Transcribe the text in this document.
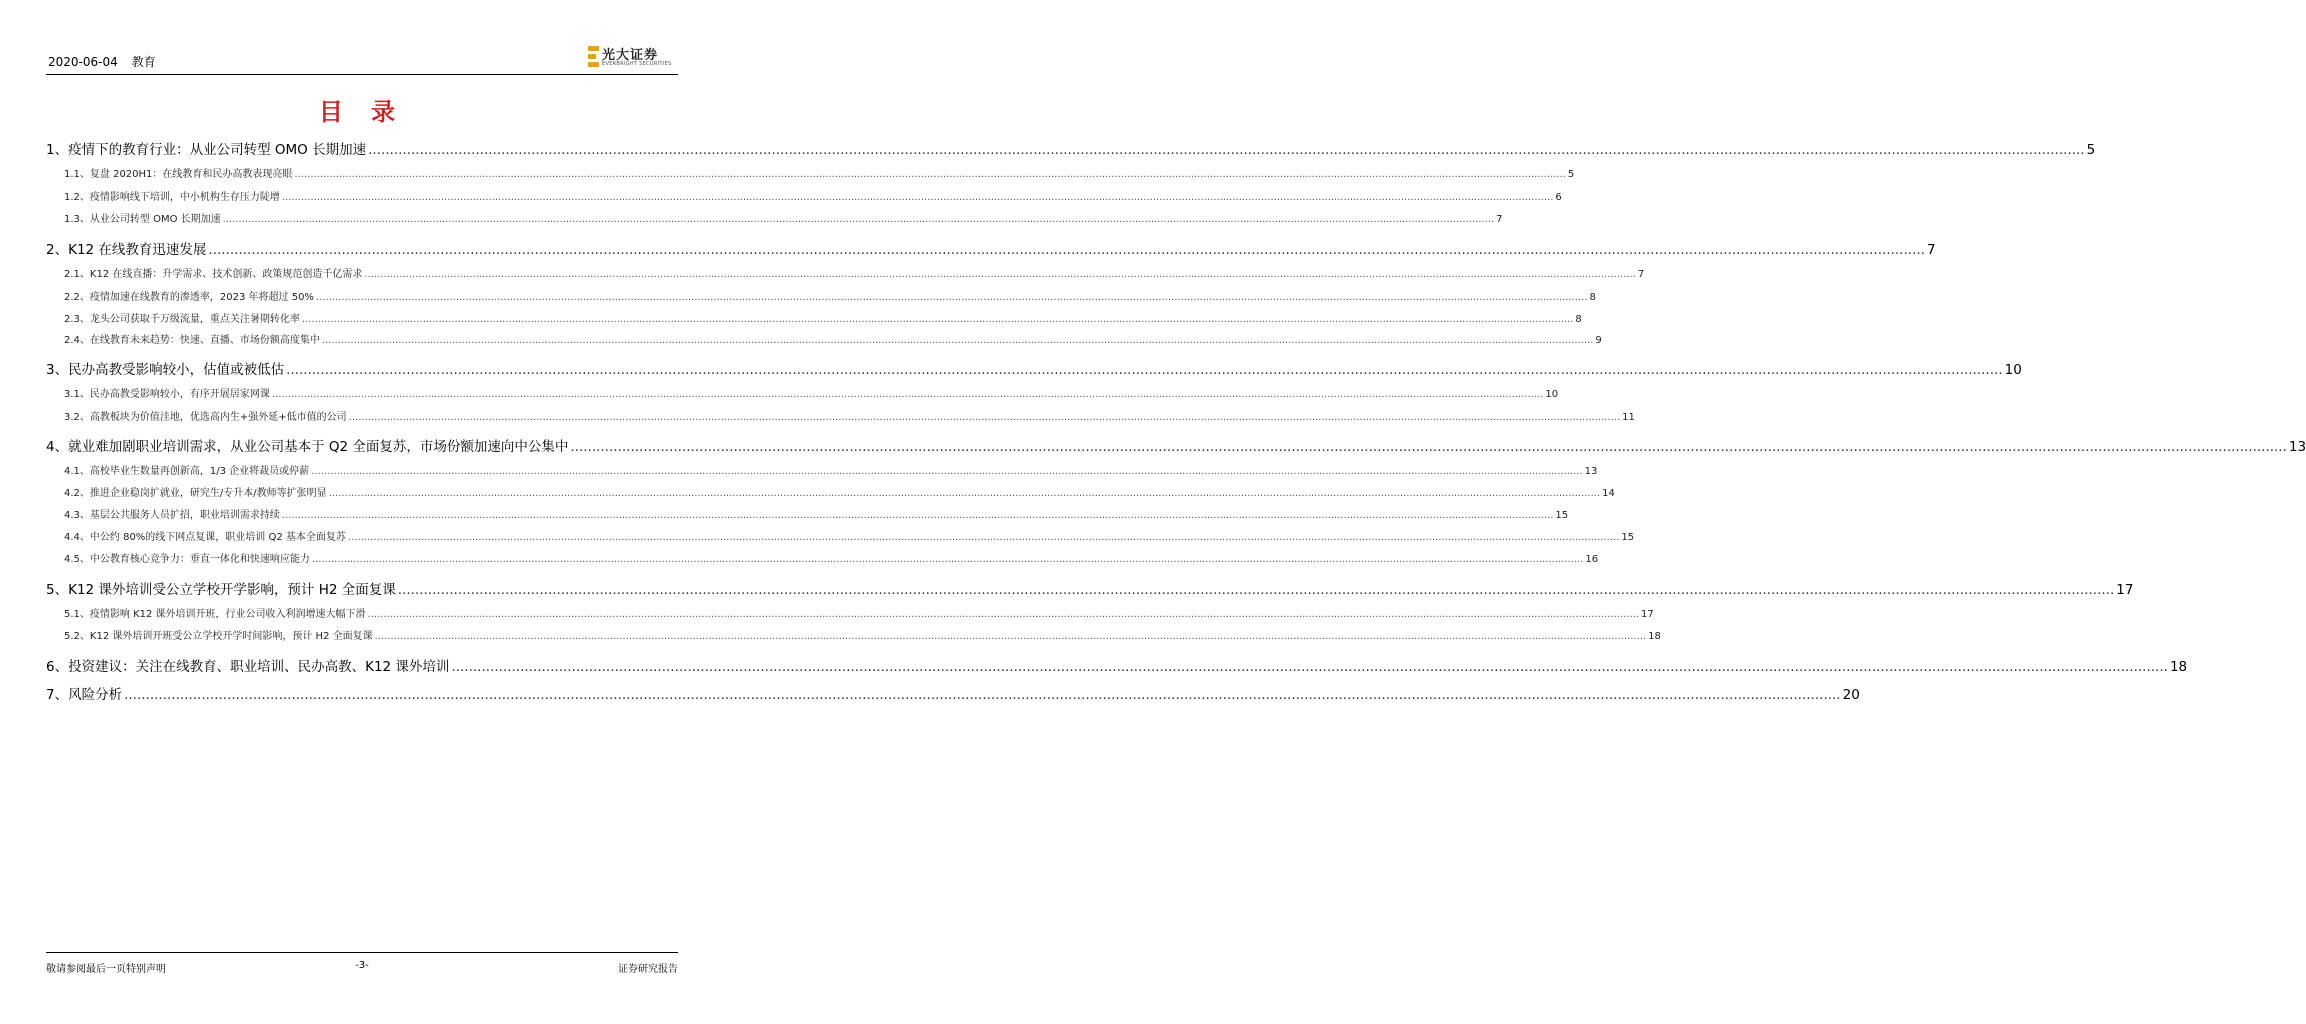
2020-06-04 教育	光大证券
EVERBRIGHT SECURITIES
目 录
1、 疫情下的教育行业：从业公司转型 OMO 长期加速 ................................................................................................................................................................................................................................................................................................................................................................................................................ 5
1.1、 复盘 2020H1：在线教育和民办高教表现亮眼 ................................................................................................................................................................................................................................................................................................................................................................................................................ 5
1.2、 疫情影响线下培训，中小机构生存压力陡增 ................................................................................................................................................................................................................................................................................................................................................................................................................ 6
1.3、 从业公司转型 OMO 长期加速 ................................................................................................................................................................................................................................................................................................................................................................................................................ 7
2、 K12 在线教育迅速发展 ................................................................................................................................................................................................................................................................................................................................................................................................................ 7
2.1、 K12 在线直播：升学需求、技术创新、政策规范创造千亿需求 ................................................................................................................................................................................................................................................................................................................................................................................................................ 7
2.2、 疫情加速在线教育的渗透率，2023 年将超过 50% ................................................................................................................................................................................................................................................................................................................................................................................................................ 8
2.3、 龙头公司获取千万级流量，重点关注暑期转化率 ................................................................................................................................................................................................................................................................................................................................................................................................................ 8
2.4、 在线教育未来趋势：快速、直播、市场份额高度集中 ................................................................................................................................................................................................................................................................................................................................................................................................................ 9
3、 民办高教受影响较小，估值或被低估 ................................................................................................................................................................................................................................................................................................................................................................................................................ 10
3.1、 民办高教受影响较小，有序开展居家网课 ................................................................................................................................................................................................................................................................................................................................................................................................................ 10
3.2、 高教板块为价值洼地，优选高内生+强外延+低市值的公司 ................................................................................................................................................................................................................................................................................................................................................................................................................ 11
4、 就业难加剧职业培训需求，从业公司基本于 Q2 全面复苏，市场份额加速向中公集中 ................................................................................................................................................................................................................................................................................................................................................................................................................ 13
4.1、 高校毕业生数量再创新高，1/3 企业将裁员或停薪 ................................................................................................................................................................................................................................................................................................................................................................................................................ 13
4.2、 推进企业稳岗扩就业，研究生/专升本/教师等扩张明显 ................................................................................................................................................................................................................................................................................................................................................................................................................ 14
4.3、 基层公共服务人员扩招，职业培训需求持续 ................................................................................................................................................................................................................................................................................................................................................................................................................ 15
4.4、 中公约 80%的线下网点复课，职业培训 Q2 基本全面复苏 ................................................................................................................................................................................................................................................................................................................................................................................................................ 15
4.5、 中公教育核心竞争力：垂直一体化和快速响应能力 ................................................................................................................................................................................................................................................................................................................................................................................................................ 16
5、 K12 课外培训受公立学校开学影响，预计 H2 全面复课 ................................................................................................................................................................................................................................................................................................................................................................................................................ 17
5.1、 疫情影响 K12 课外培训开班，行业公司收入利润增速大幅下滑 ................................................................................................................................................................................................................................................................................................................................................................................................................ 17
5.2、 K12 课外培训开班受公立学校开学时间影响，预计 H2 全面复课 ................................................................................................................................................................................................................................................................................................................................................................................................................ 18
6、 投资建议：关注在线教育、职业培训、民办高教、K12 课外培训 ................................................................................................................................................................................................................................................................................................................................................................................................................ 18
7、 风险分析 ................................................................................................................................................................................................................................................................................................................................................................................................................ 20
敬请参阅最后一页特别声明	-3-	证券研究报告
